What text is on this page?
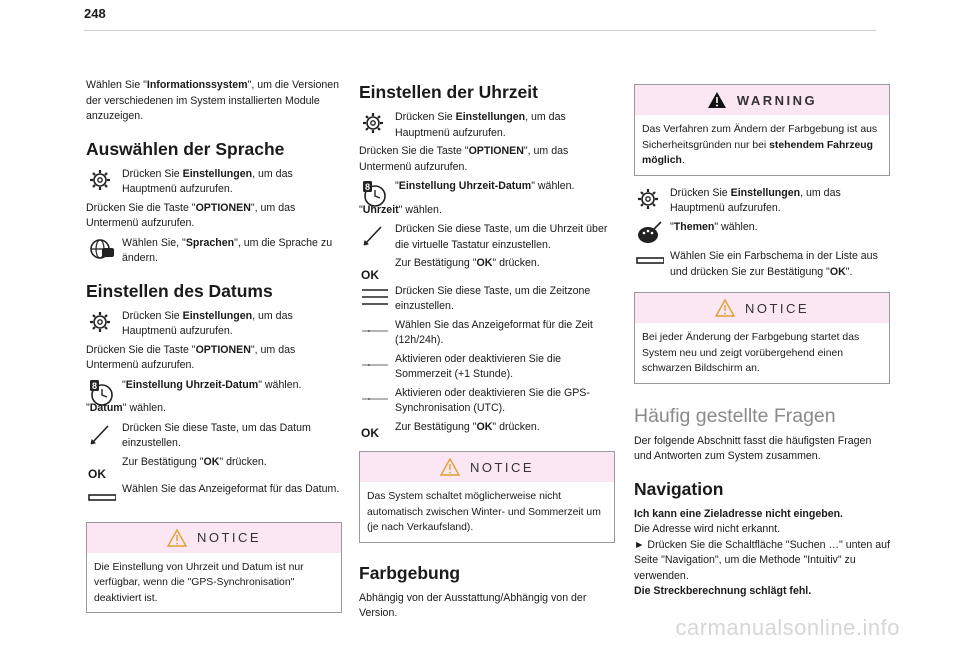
248

Wählen Sie "Informationssystem", um die Versionen der verschiedenen im System installierten Module anzuzeigen.

Auswählen der Sprache
Drücken Sie Einstellungen, um das Hauptmenü aufzurufen.

Drücken Sie die Taste "OPTIONEN", um das Untermenü aufzurufen.

Wählen Sie, "Sprachen", um die Sprache zu ändern.
Einstellen des Datums
Drücken Sie Einstellungen, um das Hauptmenü aufzurufen.

Drücken Sie die Taste "OPTIONEN", um das Untermenü aufzurufen.

8 "Einstellung Uhrzeit-Datum" wählen.

"Datum" wählen.

Drücken Sie diese Taste, um das Datum einzustellen.
OK
Zur Bestätigung "OK" drücken.
Wählen Sie das Anzeigeformat für das Datum.
NOTICE
Die Einstellung von Uhrzeit und Datum ist nur verfügbar, wenn die "GPS-Synchronisation" deaktiviert ist.
Einstellen der Uhrzeit
Drücken Sie Einstellungen, um das Hauptmenü aufzurufen.

Drücken Sie die Taste "OPTIONEN", um das Untermenü aufzurufen.

8 "Einstellung Uhrzeit-Datum" wählen.

"Uhrzeit" wählen.

Drücken Sie diese Taste, um die Uhrzeit über die virtuelle Tastatur einzustellen.
OK
Zur Bestätigung "OK" drücken.
Drücken Sie diese Taste, um die Zeitzone einzustellen.
Wählen Sie das Anzeigeformat für die Zeit (12h/24h).
Aktivieren oder deaktivieren Sie die Sommerzeit (+1 Stunde).
Aktivieren oder deaktivieren Sie die GPS-Synchronisation (UTC).
OK Zur Bestätigung "OK" drücken.
NOTICE
Das System schaltet möglicherweise nicht automatisch zwischen Winter- und Sommerzeit um (je nach Verkaufsland).
Farbgebung

Abhängig von der Ausstattung/Abhängig von der Version.

WARNING
Das Verfahren zum Ändern der Farbgebung ist aus Sicherheitsgründen nur bei stehendem Fahrzeug möglich.
Drücken Sie Einstellungen, um das Hauptmenü aufzurufen.
"Themen" wählen.
Wählen Sie ein Farbschema in der Liste aus und drücken Sie zur Bestätigung "OK".
NOTICE
Bei jeder Änderung der Farbgebung startet das System neu und zeigt vorübergehend einen schwarzen Bildschirm an.
Häufig gestellte Fragen

Der folgende Abschnitt fasst die häufigsten Fragen und Antworten zum System zusammen.

Navigation

Ich kann eine Zieladresse nicht eingeben.

Die Adresse wird nicht erkannt.

► Drücken Sie die Schaltfläche "Suchen …" unten auf Seite "Navigation", um die Methode "Intuitiv" zu verwenden.

Die Streckberechnung schlägt fehl.

carmanualsonline.info
